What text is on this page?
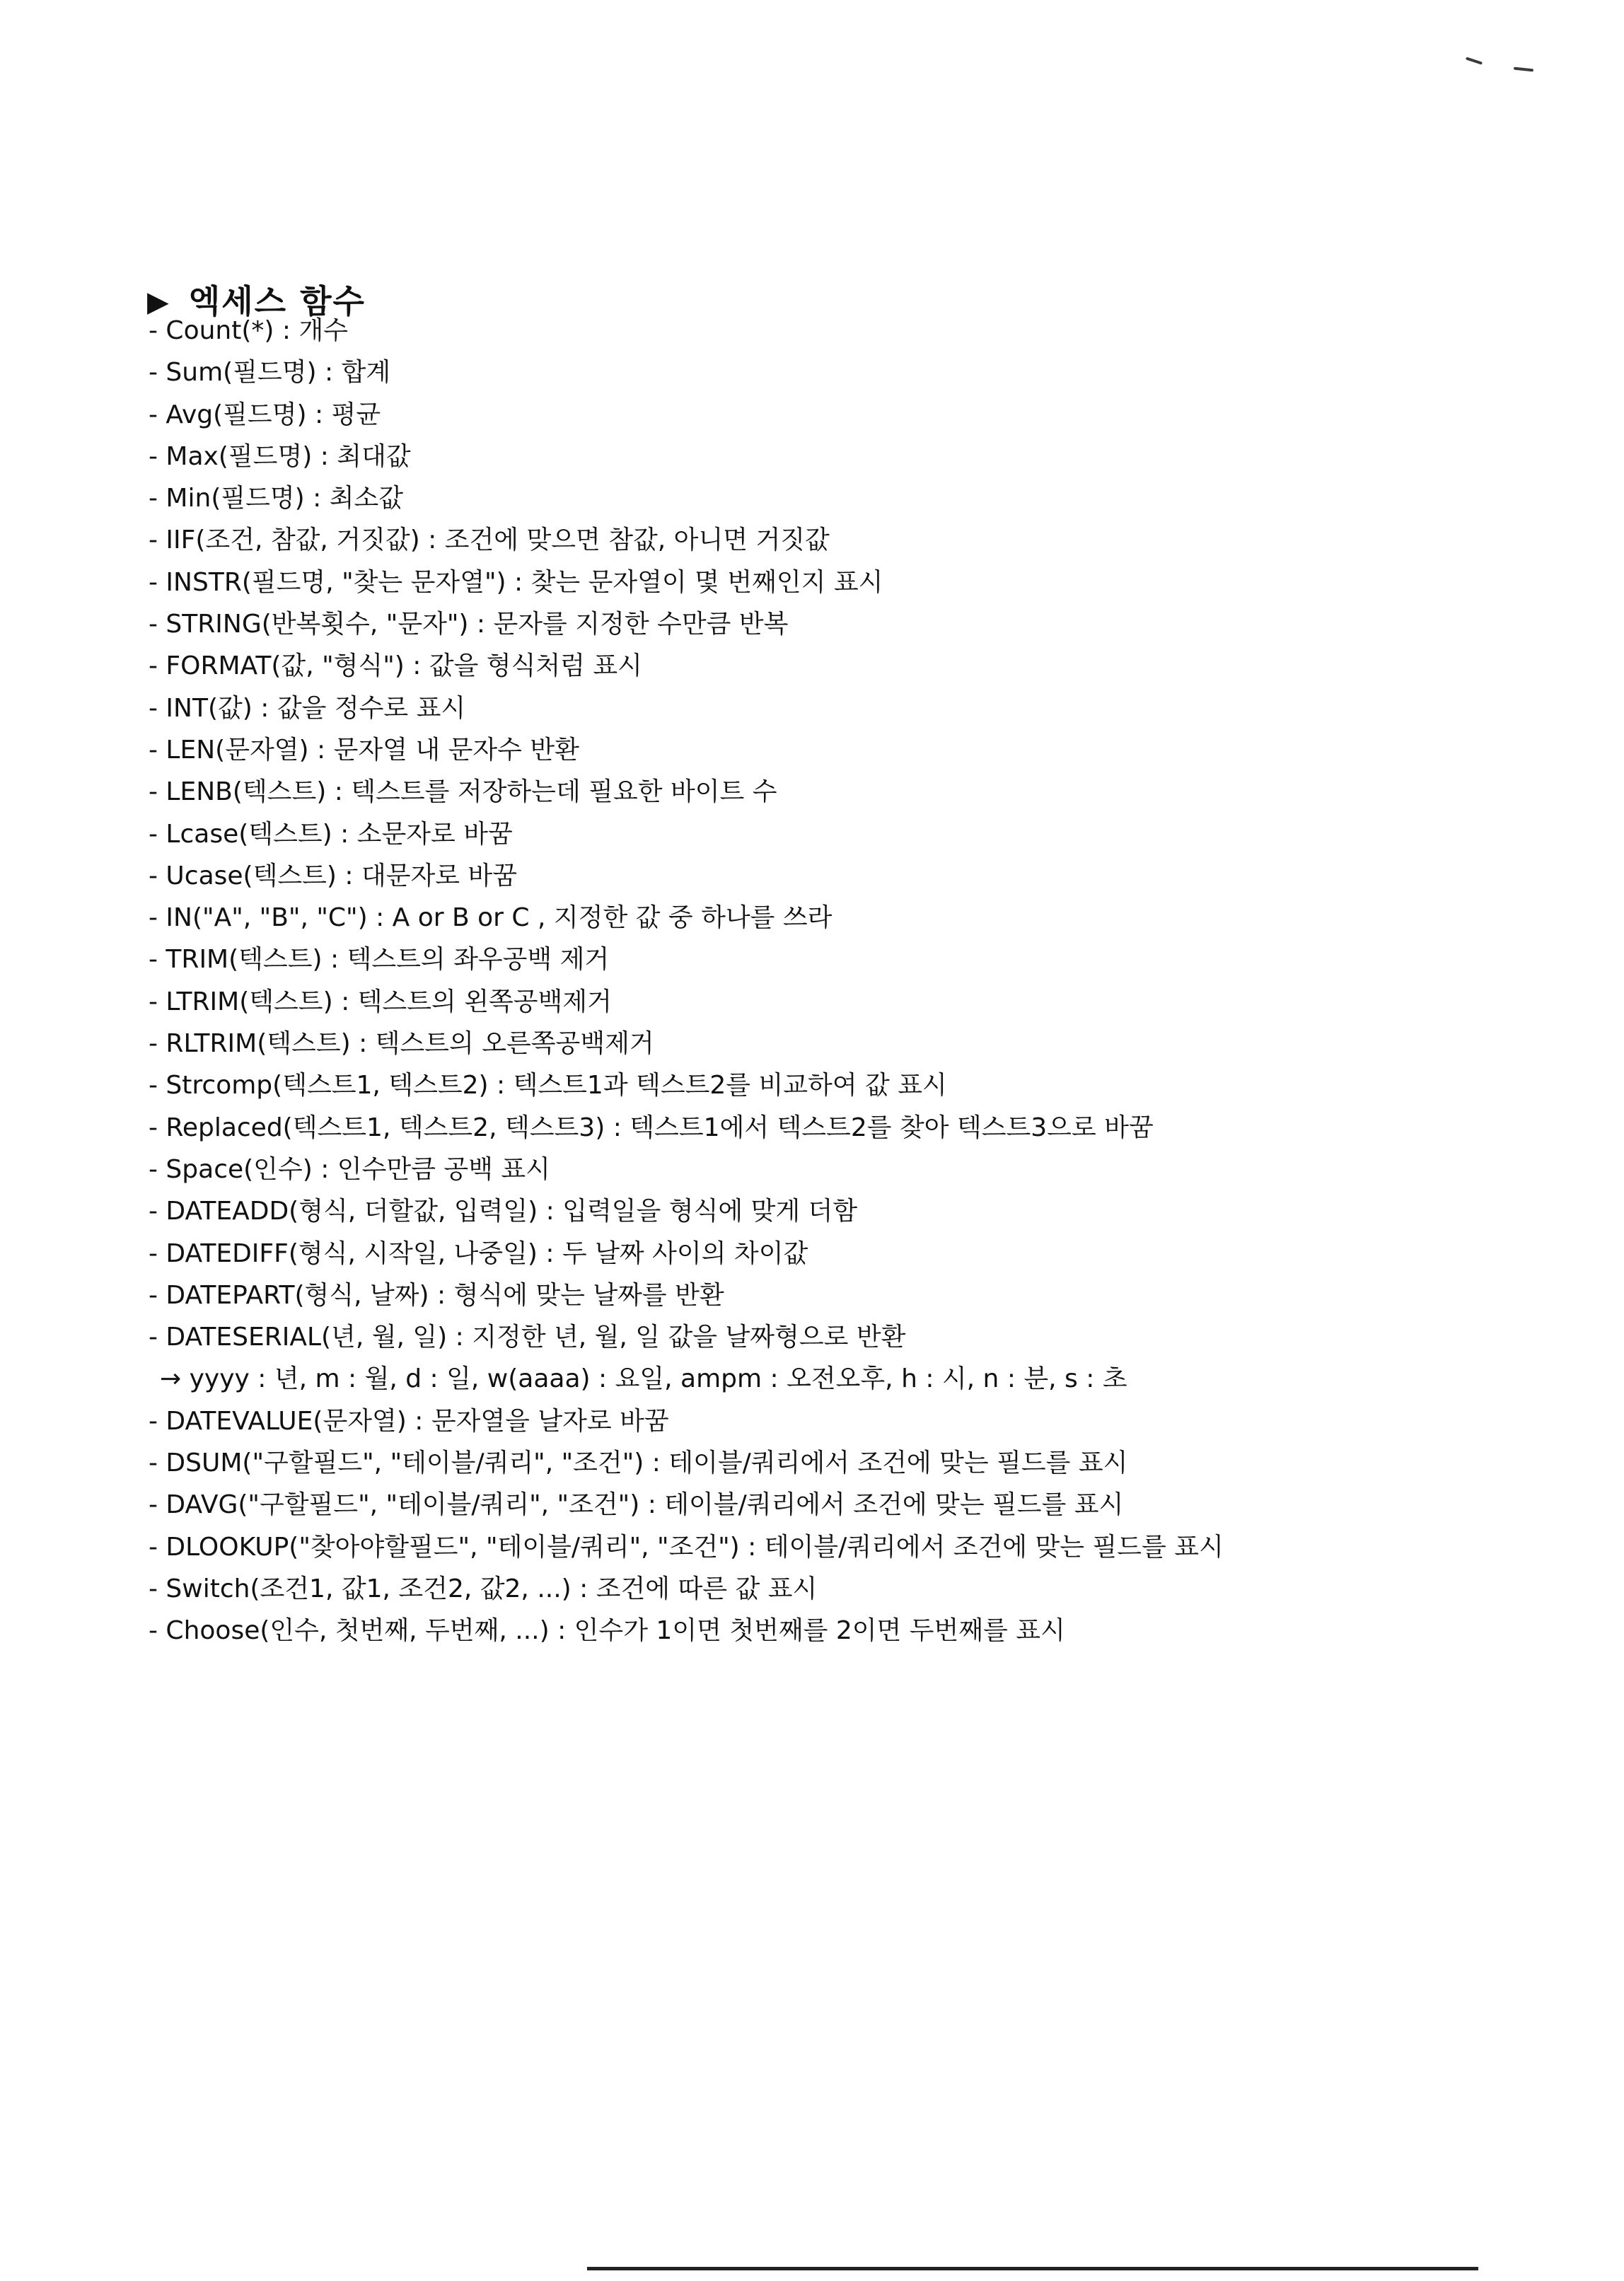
▶ 엑세스 함수
- Count(*) : 개수
- Sum(필드명) : 합계
- Avg(필드명) : 평균
- Max(필드명) : 최대값
- Min(필드명) : 최소값
- IIF(조건, 참값, 거짓값) : 조건에 맞으면 참값, 아니면 거짓값
- INSTR(필드명, "찾는 문자열") : 찾는 문자열이 몇 번째인지 표시
- STRING(반복횟수, "문자") : 문자를 지정한 수만큼 반복
- FORMAT(값, "형식") : 값을 형식처럼 표시
- INT(값) : 값을 정수로 표시
- LEN(문자열) : 문자열 내 문자수 반환
- LENB(텍스트) : 텍스트를 저장하는데 필요한 바이트 수
- Lcase(텍스트) : 소문자로 바꿈
- Ucase(텍스트) : 대문자로 바꿈
- IN("A", "B", "C") : A or B or C , 지정한 값 중 하나를 쓰라
- TRIM(텍스트) : 텍스트의 좌우공백 제거
- LTRIM(텍스트) : 텍스트의 왼쪽공백제거
- RLTRIM(텍스트) : 텍스트의 오른쪽공백제거
- Strcomp(텍스트1, 텍스트2) : 텍스트1과 텍스트2를 비교하여 값 표시
- Replaced(텍스트1, 텍스트2, 텍스트3) : 텍스트1에서 텍스트2를 찾아 텍스트3으로 바꿈
- Space(인수) : 인수만큼 공백 표시
- DATEADD(형식, 더할값, 입력일) : 입력일을 형식에 맞게 더함
- DATEDIFF(형식, 시작일, 나중일) : 두 날짜 사이의 차이값
- DATEPART(형식, 날짜) : 형식에 맞는 날짜를 반환
- DATESERIAL(년, 월, 일) : 지정한 년, 월, 일 값을 날짜형으로 반환
→ yyyy : 년, m : 월, d : 일, w(aaaa) : 요일, ampm : 오전오후, h : 시, n : 분, s : 초
- DATEVALUE(문자열) : 문자열을 날자로 바꿈
- DSUM("구할필드", "테이블/쿼리", "조건") : 테이블/쿼리에서 조건에 맞는 필드를 표시
- DAVG("구할필드", "테이블/쿼리", "조건") : 테이블/쿼리에서 조건에 맞는 필드를 표시
- DLOOKUP("찾아야할필드", "테이블/쿼리", "조건") : 테이블/쿼리에서 조건에 맞는 필드를 표시
- Switch(조건1, 값1, 조건2, 값2, ...) : 조건에 따른 값 표시
- Choose(인수, 첫번째, 두번째, ...) : 인수가 1이면 첫번째를 2이면 두번째를 표시
